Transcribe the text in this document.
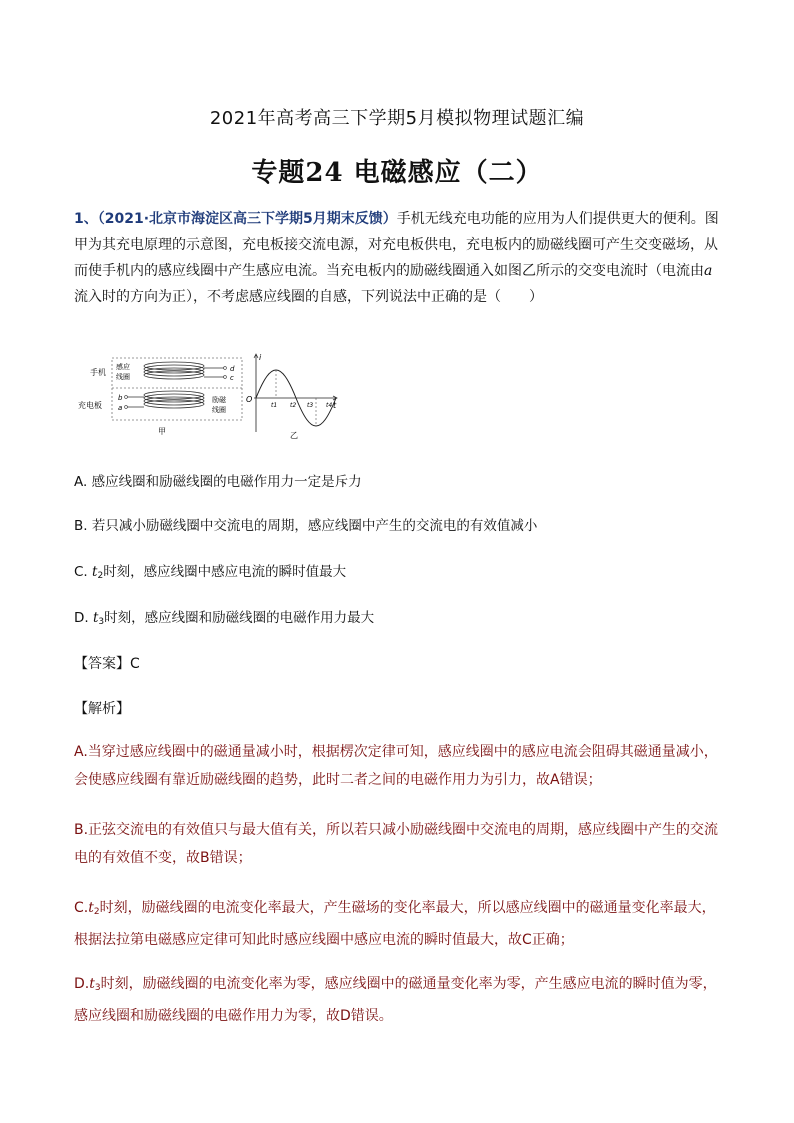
2021年高考高三下学期5月模拟物理试题汇编
专题24 电磁感应（二）
1、（2021·北京市海淀区高三下学期5月期末反馈）手机无线充电功能的应用为人们提供更大的便利。图甲为其充电原理的示意图，充电板接交流电源，对充电板供电，充电板内的励磁线圈可产生交变磁场，从而使手机内的感应线圈中产生感应电流。当充电板内的励磁线圈通入如图乙所示的交变电流时（电流由a流入时的方向为正），不考虑感应线圈的自感，下列说法中正确的是（　　）
手机
充电板
感应
线圈
励磁
线圈
d
c
b
a
甲
i
t
O
t1 t2 t3 t4
乙
A. 感应线圈和励磁线圈的电磁作用力一定是斥力
B. 若只减小励磁线圈中交流电的周期，感应线圈中产生的交流电的有效值减小
C. $t_2$时刻，感应线圈中感应电流的瞬时值最大
D. $t_3$时刻，感应线圈和励磁线圈的电磁作用力最大
【答案】C
【解析】
A.当穿过感应线圈中的磁通量减小时，根据楞次定律可知，感应线圈中的感应电流会阻碍其磁通量减小，会使感应线圈有靠近励磁线圈的趋势，此时二者之间的电磁作用力为引力，故A错误；
B.正弦交流电的有效值只与最大值有关，所以若只减小励磁线圈中交流电的周期，感应线圈中产生的交流电的有效值不变，故B错误；
$C.t_2$时刻，励磁线圈的电流变化率最大，产生磁场的变化率最大，所以感应线圈中的磁通量变化率最大，根据法拉第电磁感应定律可知此时感应线圈中感应电流的瞬时值最大，故C正确；
$D.t_3$时刻，励磁线圈的电流变化率为零，感应线圈中的磁通量变化率为零，产生感应电流的瞬时值为零，感应线圈和励磁线圈的电磁作用力为零，故D错误。
